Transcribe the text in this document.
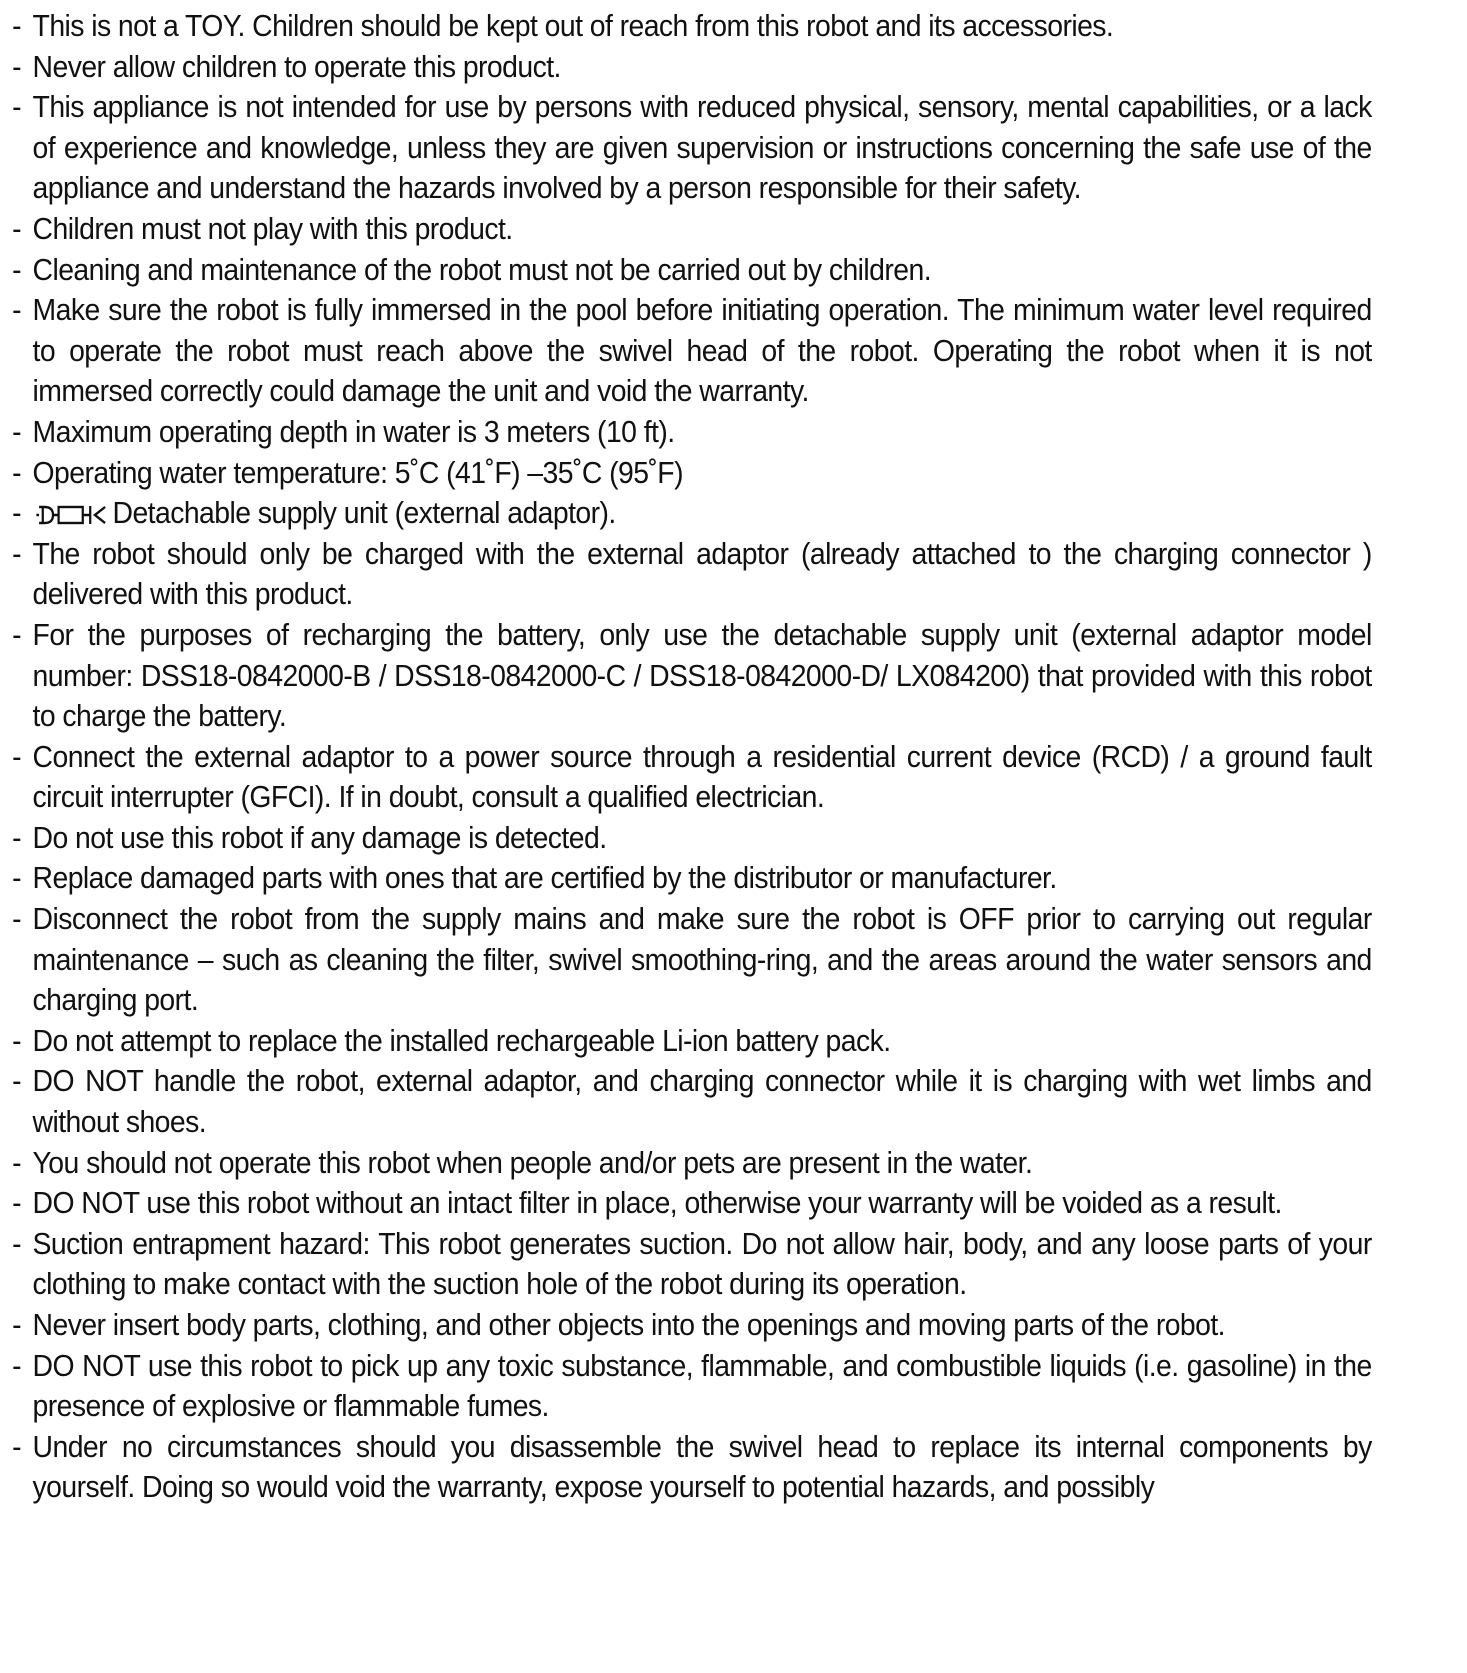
- This is not a TOY. Children should be kept out of reach from this robot and its accessories.
- Never allow children to operate this product.
- This appliance is not intended for use by persons with reduced physical, sensory, mental capabilities, or a lack of experience and knowledge, unless they are given supervision or instructions concerning the safe use of the appliance and understand the hazards involved by a person responsible for their safety.
- Children must not play with this product.
- Cleaning and maintenance of the robot must not be carried out by children.
- Make sure the robot is fully immersed in the pool before initiating operation. The minimum water level required to operate the robot must reach above the swivel head of the robot. Operating the robot when it is not immersed correctly could damage the unit and void the warranty.
- Maximum operating depth in water is 3 meters (10 ft).
- Operating water temperature: 5˚C (41˚F) –35˚C (95˚F)
-	Detachable supply unit (external adaptor).
- The robot should only be charged with the external adaptor (already attached to the charging connector ) delivered with this product.
- For the purposes of recharging the battery, only use the detachable supply unit (external adaptor model number: DSS18-0842000-B / DSS18-0842000-C / DSS18-0842000-D/ LX084200) that provided with this robot to charge the battery.
- Connect the external adaptor to a power source through a residential current device (RCD) / a ground fault circuit interrupter (GFCI). If in doubt, consult a qualified electrician.
- Do not use this robot if any damage is detected.
- Replace damaged parts with ones that are certified by the distributor or manufacturer.
- Disconnect the robot from the supply mains and make sure the robot is OFF prior to carrying out regular maintenance – such as cleaning the filter, swivel smoothing-ring, and the areas around the water sensors and charging port.
- Do not attempt to replace the installed rechargeable Li-ion battery pack.
- DO NOT handle the robot, external adaptor, and charging connector while it is charging with wet limbs and without shoes.
- You should not operate this robot when people and/or pets are present in the water.
- DO NOT use this robot without an intact filter in place, otherwise your warranty will be voided as a result.
- Suction entrapment hazard: This robot generates suction. Do not allow hair, body, and any loose parts of your clothing to make contact with the suction hole of the robot during its operation.
- Never insert body parts, clothing, and other objects into the openings and moving parts of the robot.
- DO NOT use this robot to pick up any toxic substance, flammable, and combustible liquids (i.e. gasoline) in the presence of explosive or flammable fumes.
- Under no circumstances should you disassemble the swivel head to replace its internal components by yourself. Doing so would void the warranty, expose yourself to potential hazards, and possibly
